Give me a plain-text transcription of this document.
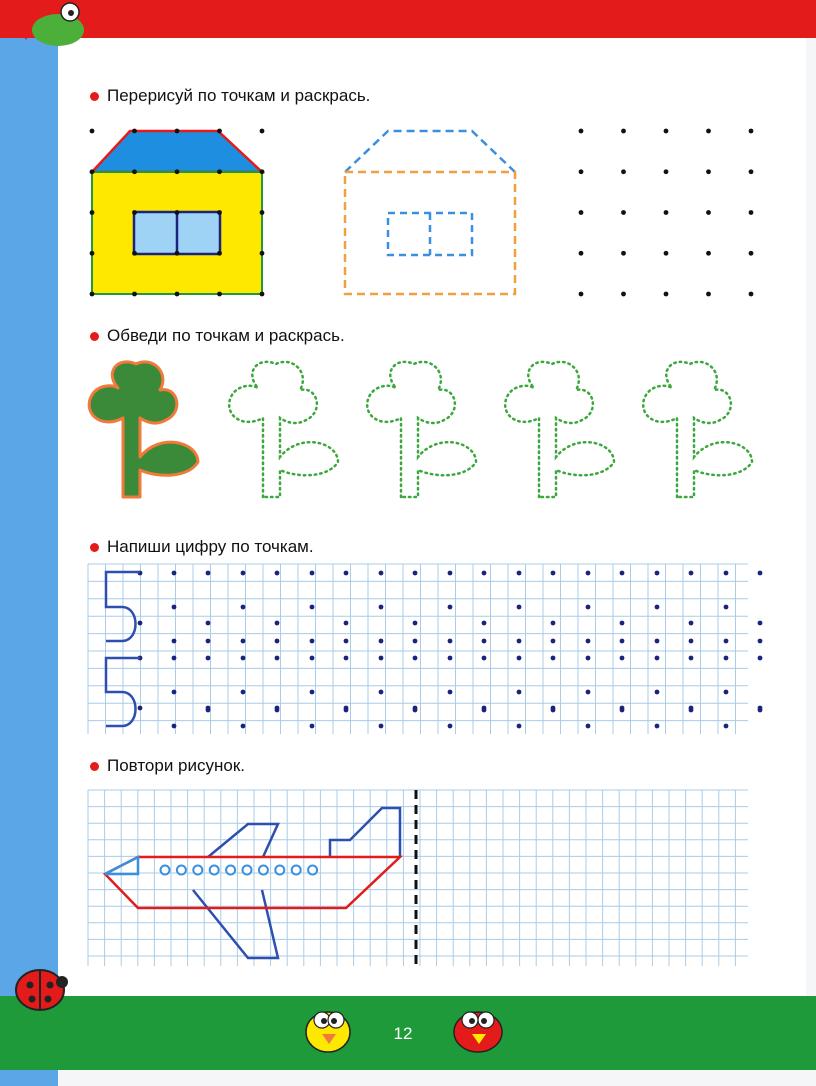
Перерисуй по точкам и раскрась.
Обведи по точкам и раскрась.
Напиши цифру по точкам.
Повтори рисунок.
12
